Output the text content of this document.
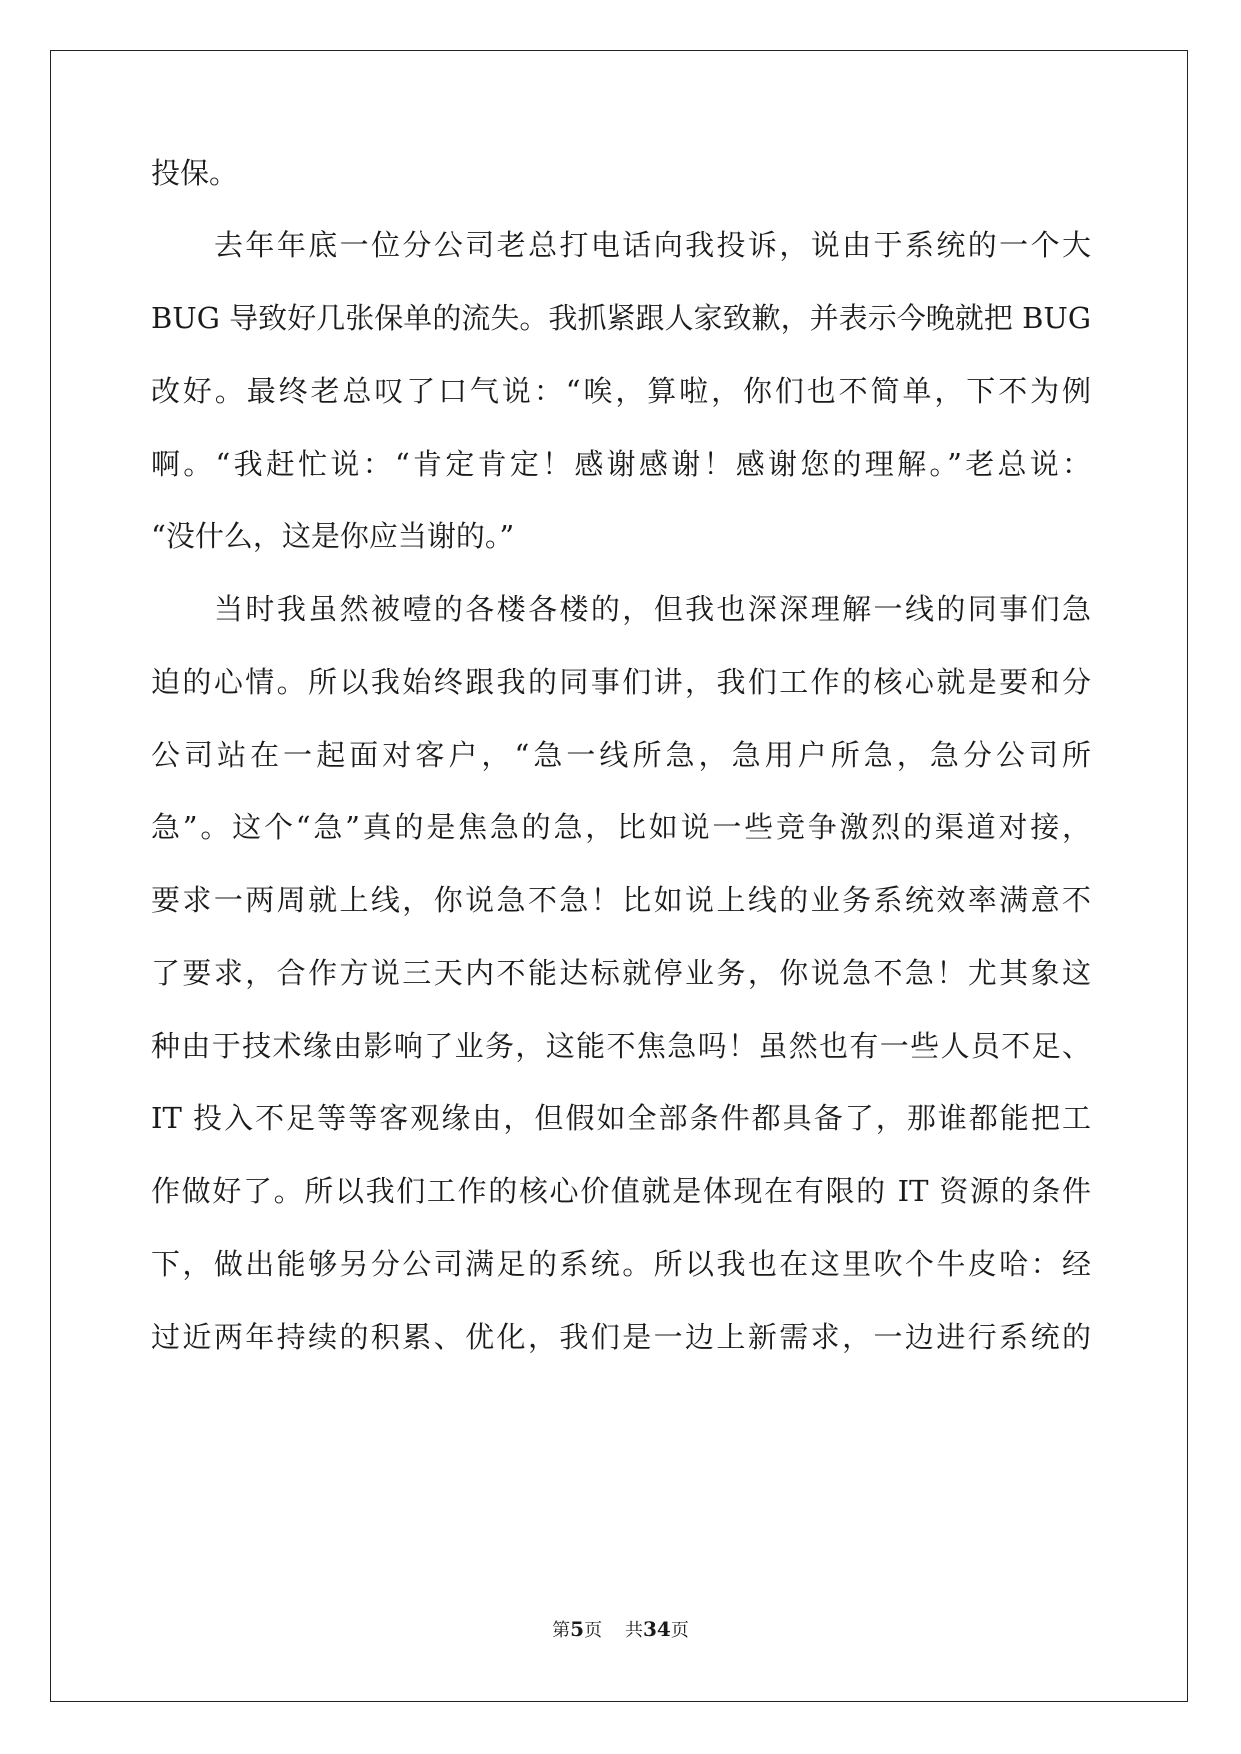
投保。
去年年底一位分公司老总打电话向我投诉，说由于系统的一个大
BUG 导致好几张保单的流失。我抓紧跟人家致歉，并表示今晚就把 BUG
改好。最终老总叹了口气说：“唉，算啦，你们也不简单，下不为例
啊。“我赶忙说：“肯定肯定！感谢感谢！感谢您的理解。”老总说：
“没什么，这是你应当谢的。”
当时我虽然被噎的各楼各楼的，但我也深深理解一线的同事们急
迫的心情。所以我始终跟我的同事们讲，我们工作的核心就是要和分
公司站在一起面对客户，“急一线所急，急用户所急，急分公司所
急”。这个“急”真的是焦急的急，比如说一些竞争激烈的渠道对接，
要求一两周就上线，你说急不急！比如说上线的业务系统效率满意不
了要求，合作方说三天内不能达标就停业务，你说急不急！尤其象这
种由于技术缘由影响了业务，这能不焦急吗！虽然也有一些人员不足、
IT 投入不足等等客观缘由，但假如全部条件都具备了，那谁都能把工
作做好了。所以我们工作的核心价值就是体现在有限的 IT 资源的条件
下，做出能够另分公司满足的系统。所以我也在这里吹个牛皮哈：经
过近两年持续的积累、优化，我们是一边上新需求，一边进行系统的
第5页 共34页
